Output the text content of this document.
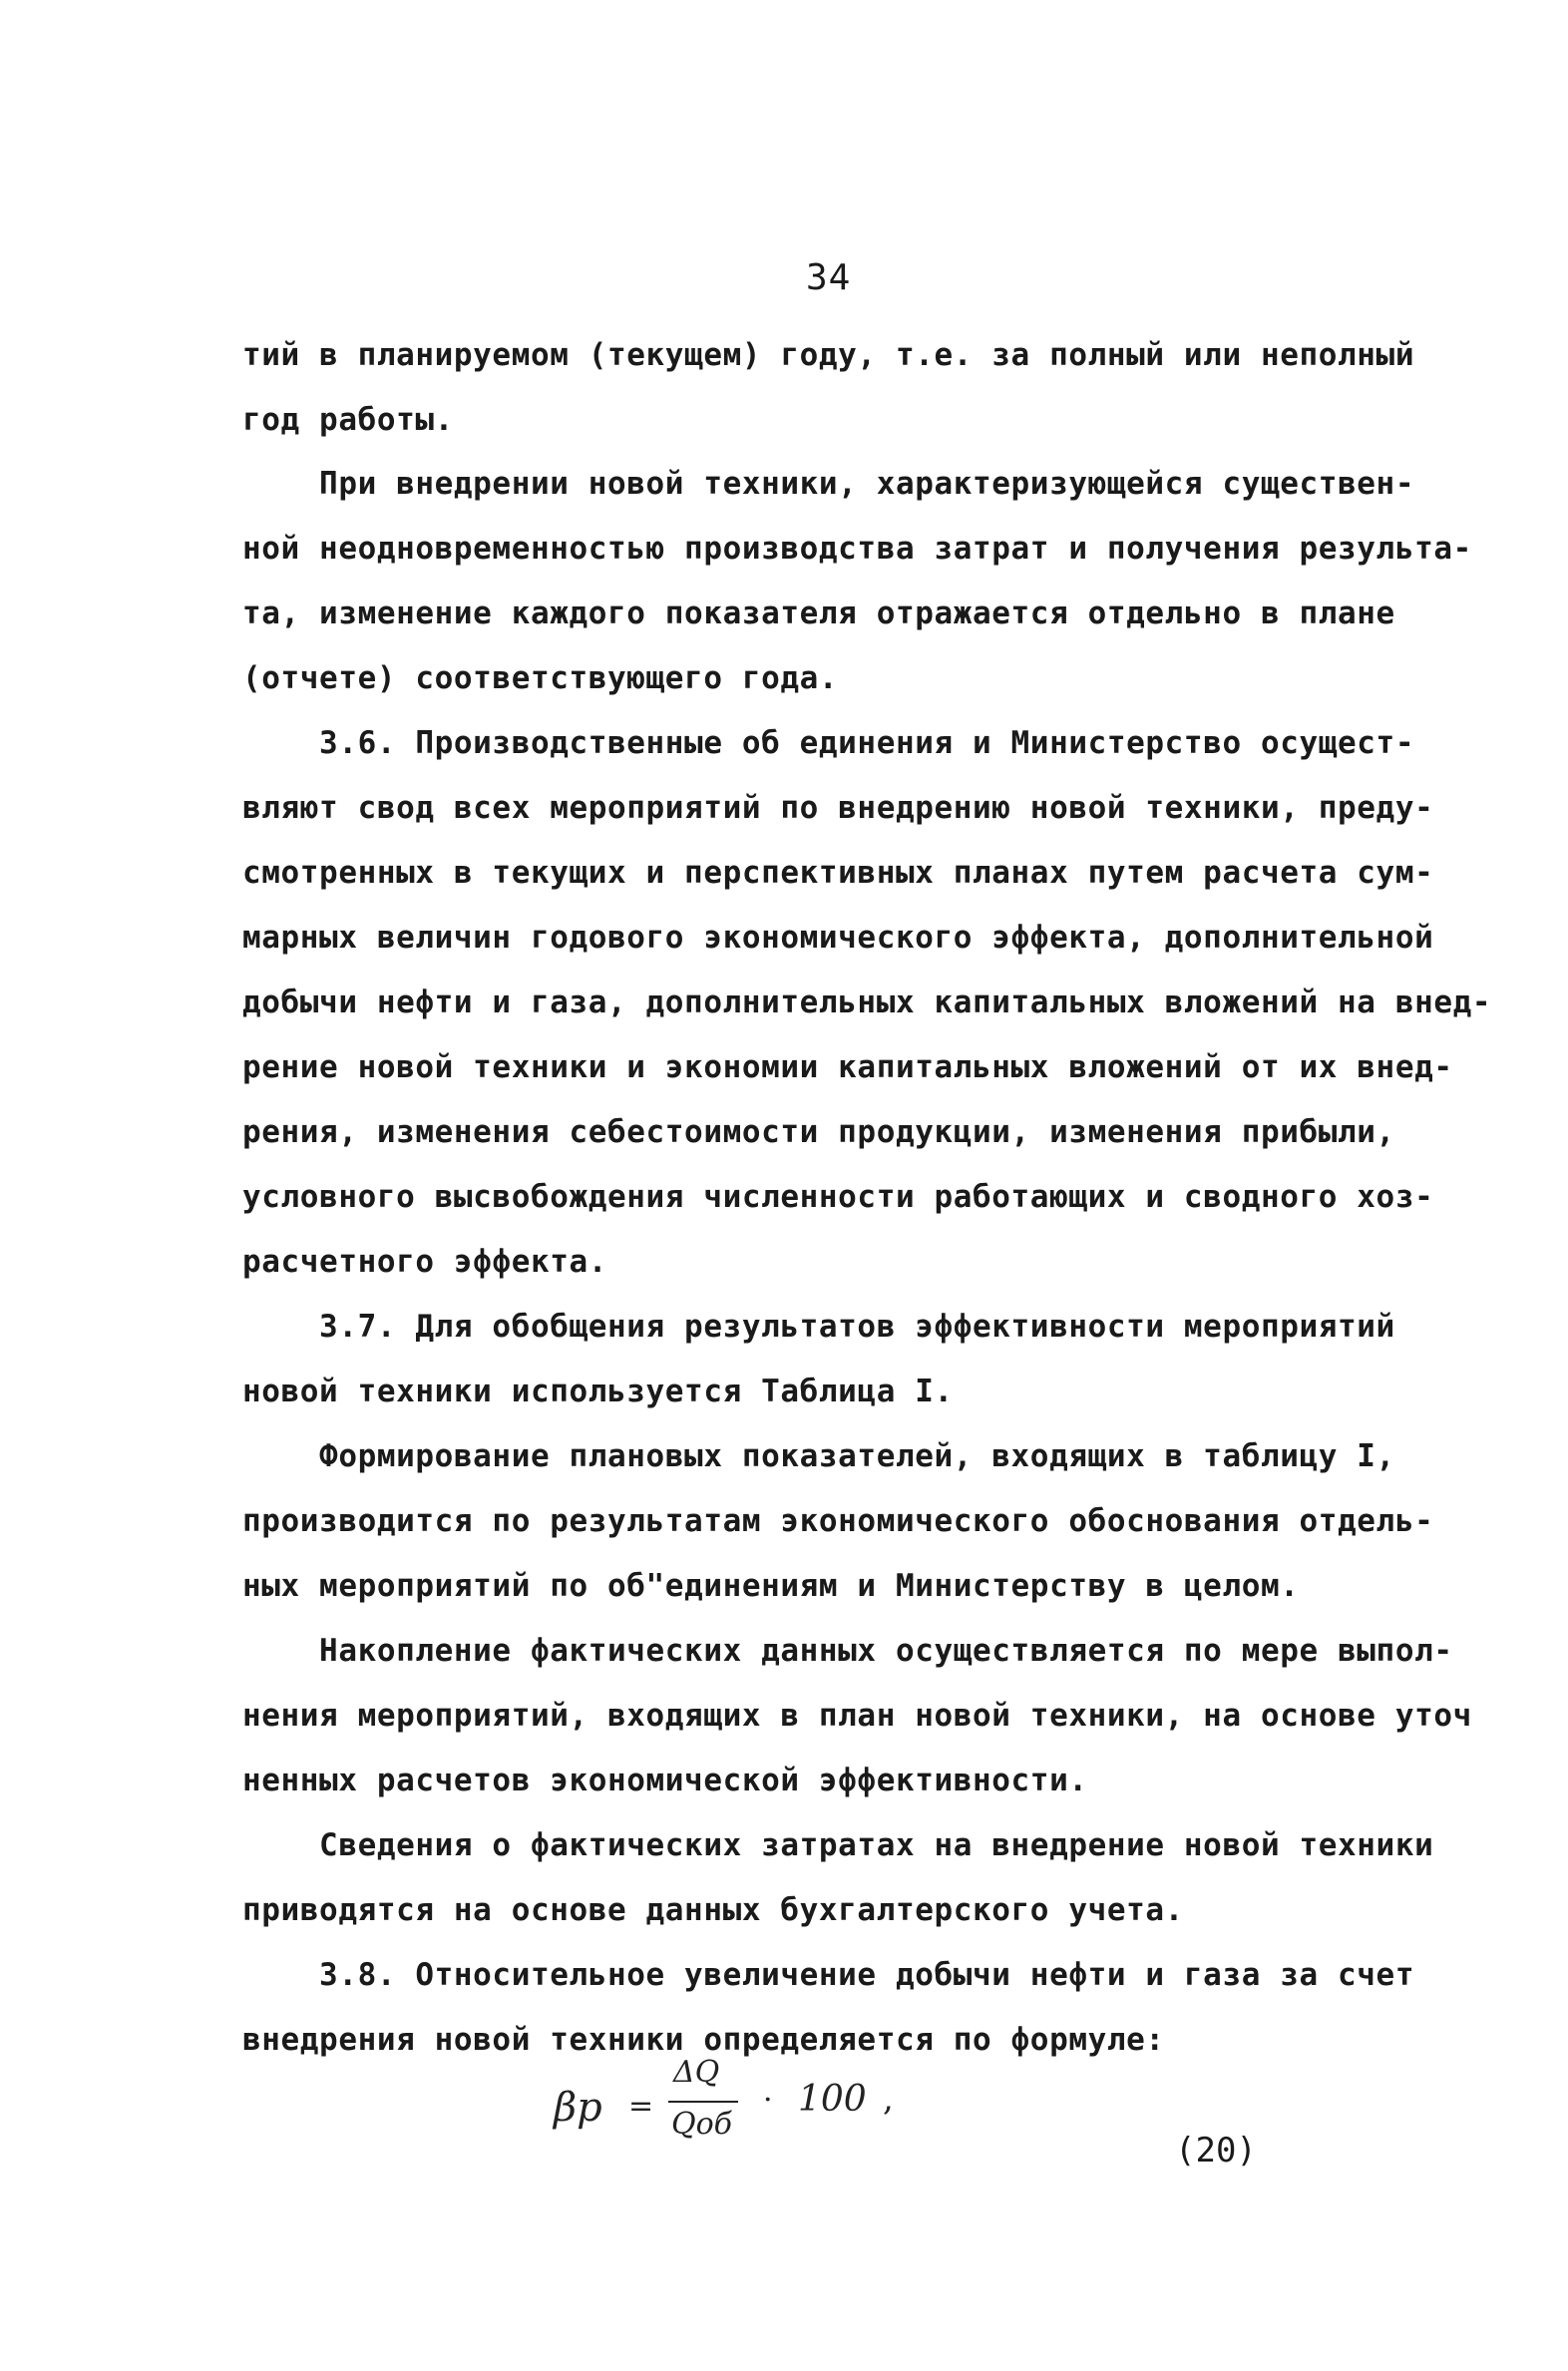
34
тий в планируемом (текущем) году, т.е. за полный или неполный
год работы.
При внедрении новой техники, характеризующейся существен-
ной неодновременностью производства затрат и получения результа-
та, изменение каждого показателя отражается отдельно в плане
(отчете) соответствующего года.
3.6. Производственные об единения и Министерство осущест-
вляют свод всех мероприятий по внедрению новой техники, преду-
смотренных в текущих и перспективных планах путем расчета сум-
марных величин годового экономического эффекта, дополнительной
добычи нефти и газа, дополнительных капитальных вложений на внед-
рение новой техники и экономии капитальных вложений от их внед-
рения, изменения себестоимости продукции, изменения прибыли,
условного высвобождения численности работающих и сводного хоз-
расчетного эффекта.
3.7. Для обобщения результатов эффективности мероприятий
новой техники используется Таблица I.
Формирование плановых показателей, входящих в таблицу I,
производится по результатам экономического обоснования отдель-
ных мероприятий по об"единениям и Министерству в целом.
Накопление фактических данных осуществляется по мере выпол-
нения мероприятий, входящих в план новой техники, на основе уточ
ненных расчетов экономической эффективности.
Сведения о фактических затратах на внедрение новой техники
приводятся на основе данных бухгалтерского учета.
3.8. Относительное увеличение добычи нефти и газа за счет
внедрения новой техники определяется по формуле:
βp =
ΔQ
Qоб
· 100 ,
(20)
